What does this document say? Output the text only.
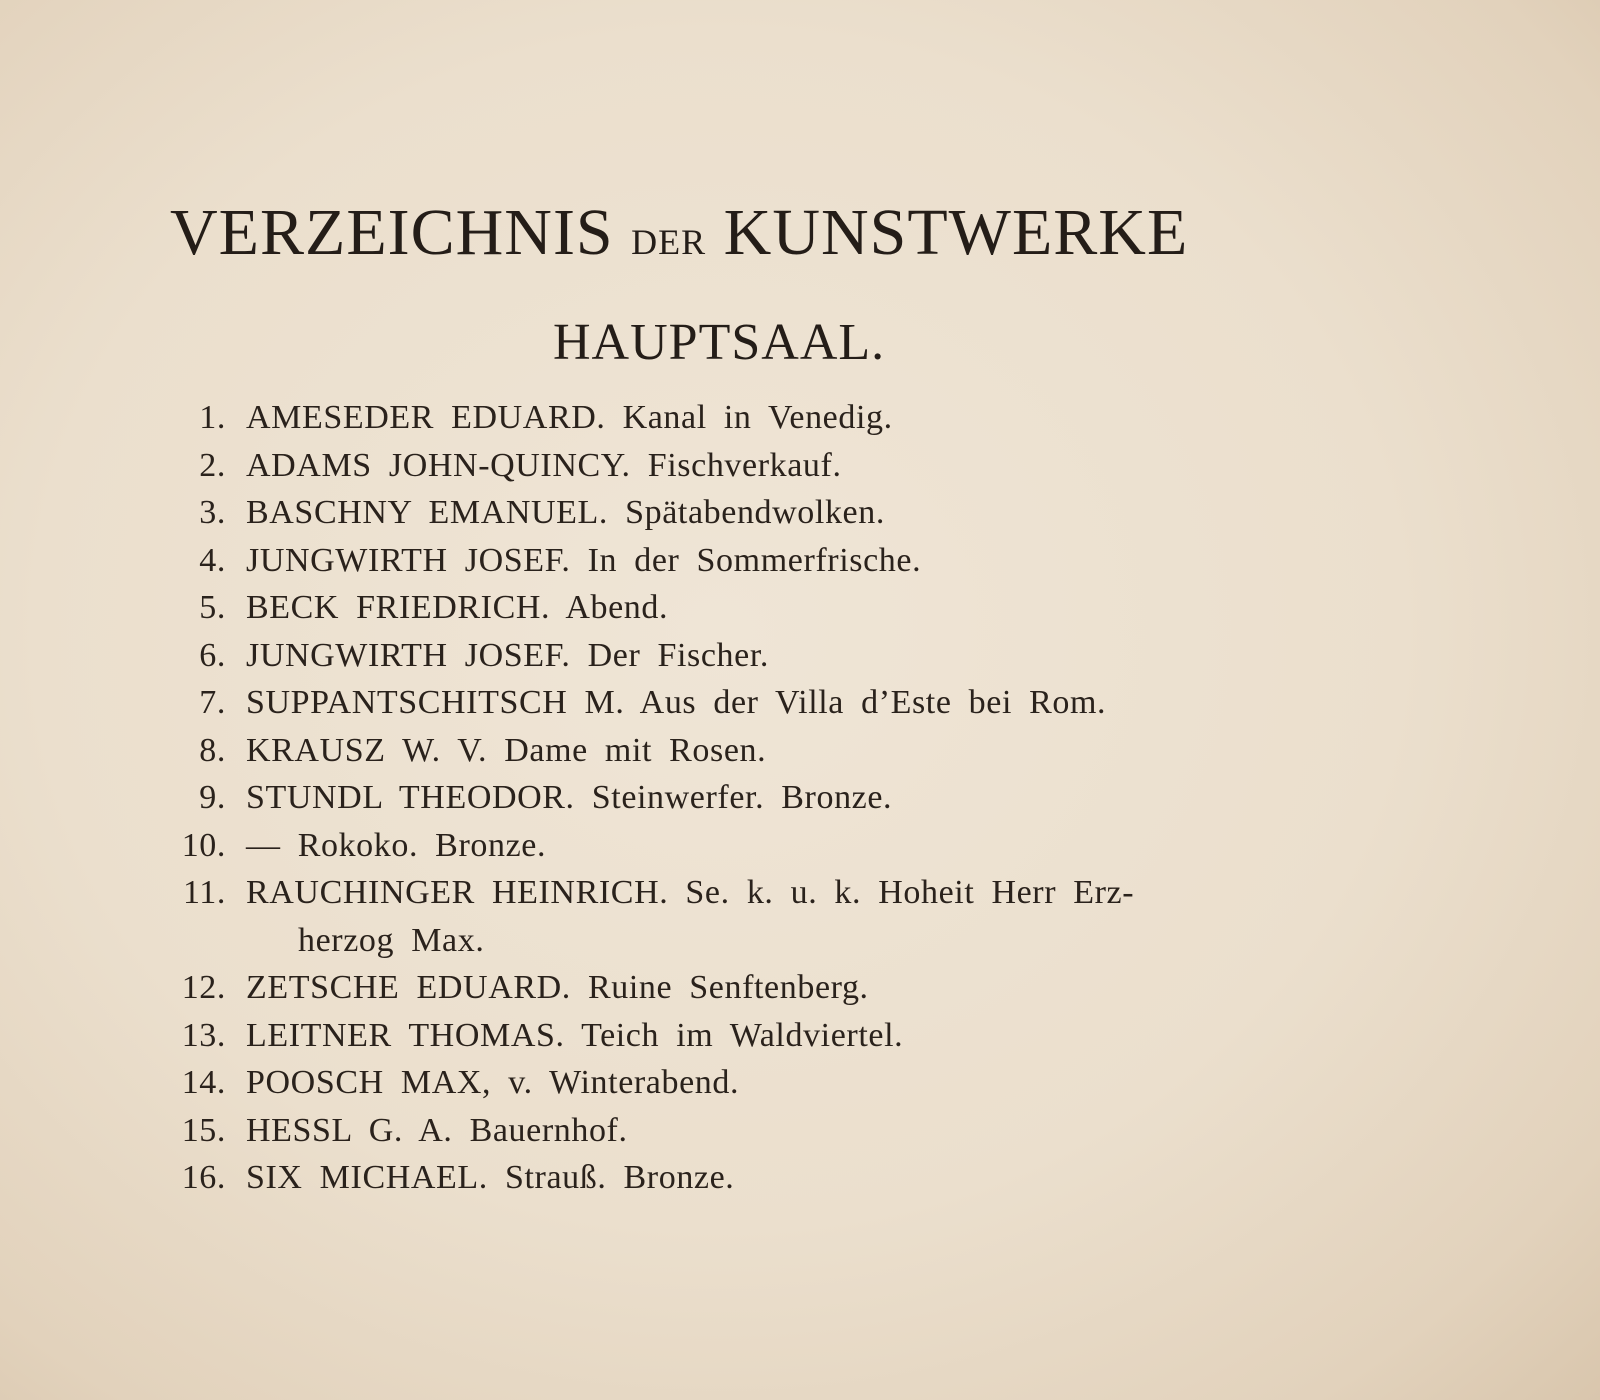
VERZEICHNIS DER KUNSTWERKE
HAUPTSAAL.
1. AMESEDER EDUARD. Kanal in Venedig.
2. ADAMS JOHN-QUINCY. Fischverkauf.
3. BASCHNY EMANUEL. Spätabendwolken.
4. JUNGWIRTH JOSEF. In der Sommerfrische.
5. BECK FRIEDRICH. Abend.
6. JUNGWIRTH JOSEF. Der Fischer.
7. SUPPANTSCHITSCH M. Aus der Villa d’Este bei Rom.
8. KRAUSZ W. V. Dame mit Rosen.
9. STUNDL THEODOR. Steinwerfer. Bronze.
10. — Rokoko. Bronze.
11. RAUCHINGER HEINRICH. Se. k. u. k. Hoheit Herr Erz-
herzog Max.
12. ZETSCHE EDUARD. Ruine Senftenberg.
13. LEITNER THOMAS. Teich im Waldviertel.
14. POOSCH MAX, v. Winterabend.
15. HESSL G. A. Bauernhof.
16. SIX MICHAEL. Strauß. Bronze.
